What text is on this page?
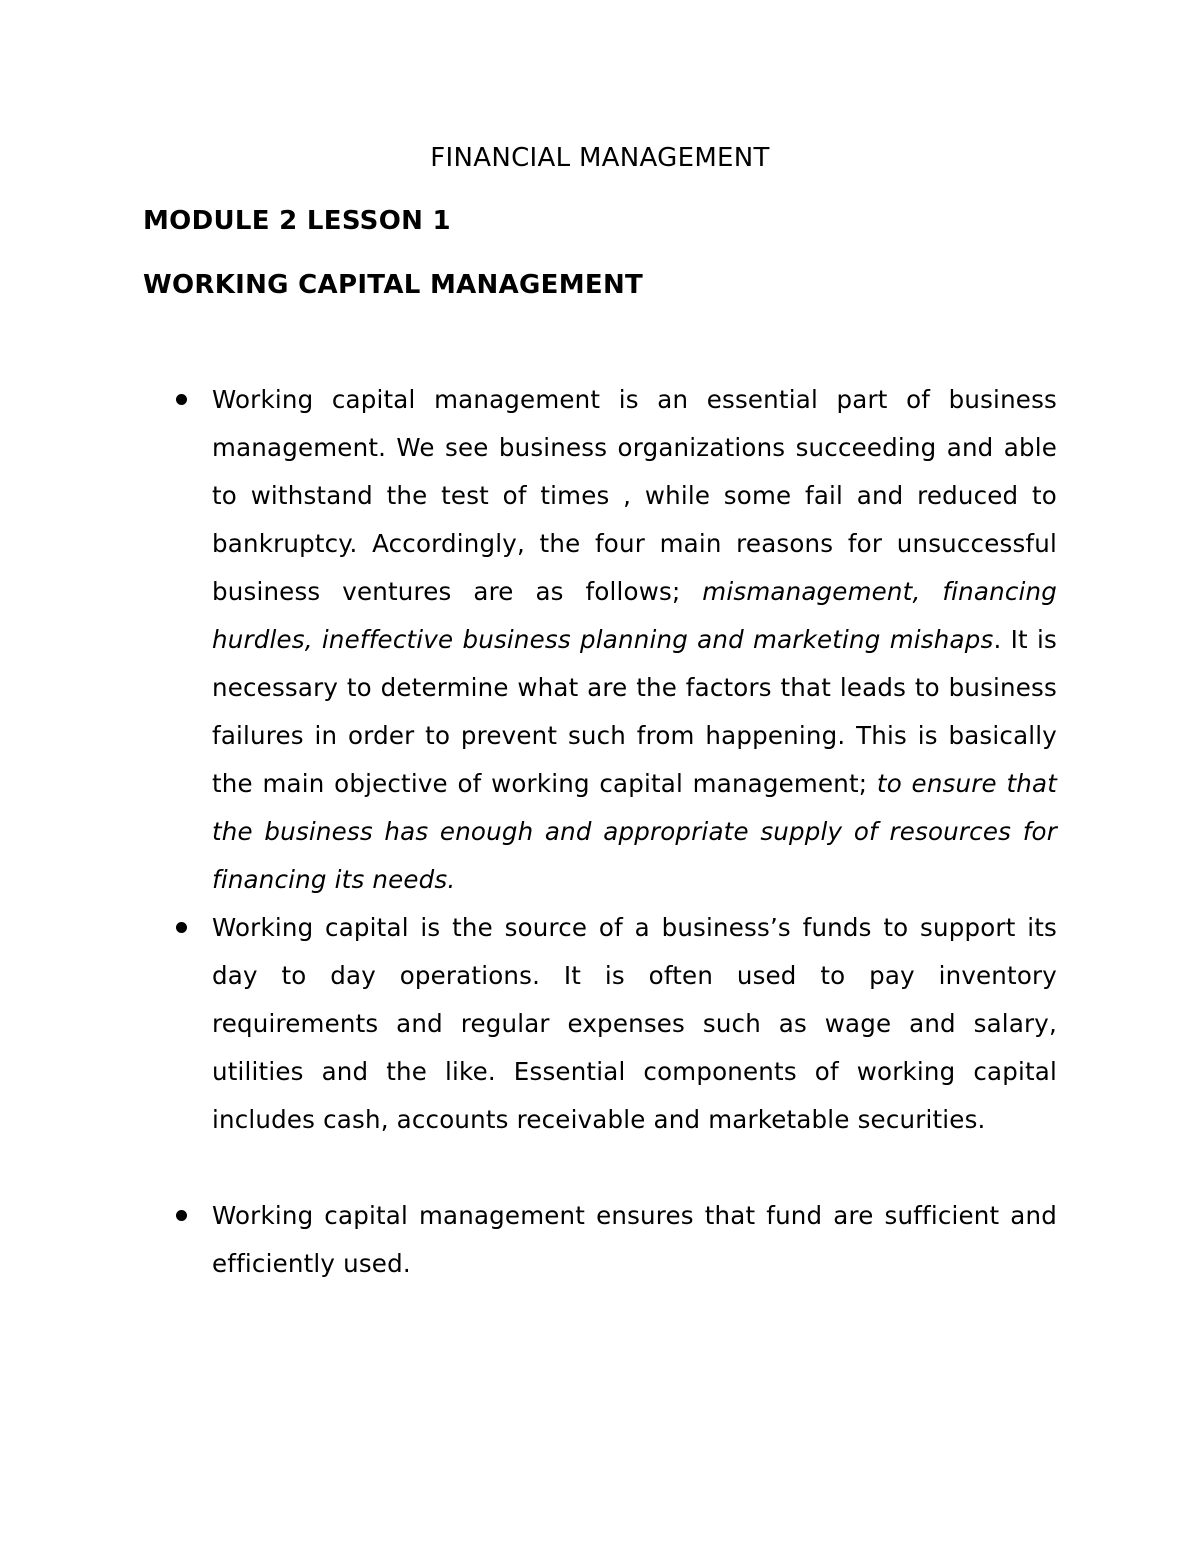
FINANCIAL MANAGEMENT
MODULE 2 LESSON 1
WORKING CAPITAL MANAGEMENT
Working capital management is an essential part of business management. We see business organizations succeeding and able to withstand the test of times , while some fail and reduced to bankruptcy. Accordingly, the four main reasons for unsuccessful business ventures are as follows; mismanagement, financing hurdles, ineffective business planning and marketing mishaps. It is necessary to determine what are the factors that leads to business failures in order to prevent such from happening. This is basically the main objective of working capital management; to ensure that the business has enough and appropriate supply of resources for financing its needs.
Working capital is the source of a business’s funds to support its day to day operations. It is often used to pay inventory requirements and regular expenses such as wage and salary, utilities and the like. Essential components of working capital includes cash, accounts receivable and marketable securities.
Working capital management ensures that fund are sufficient and efficiently used.
